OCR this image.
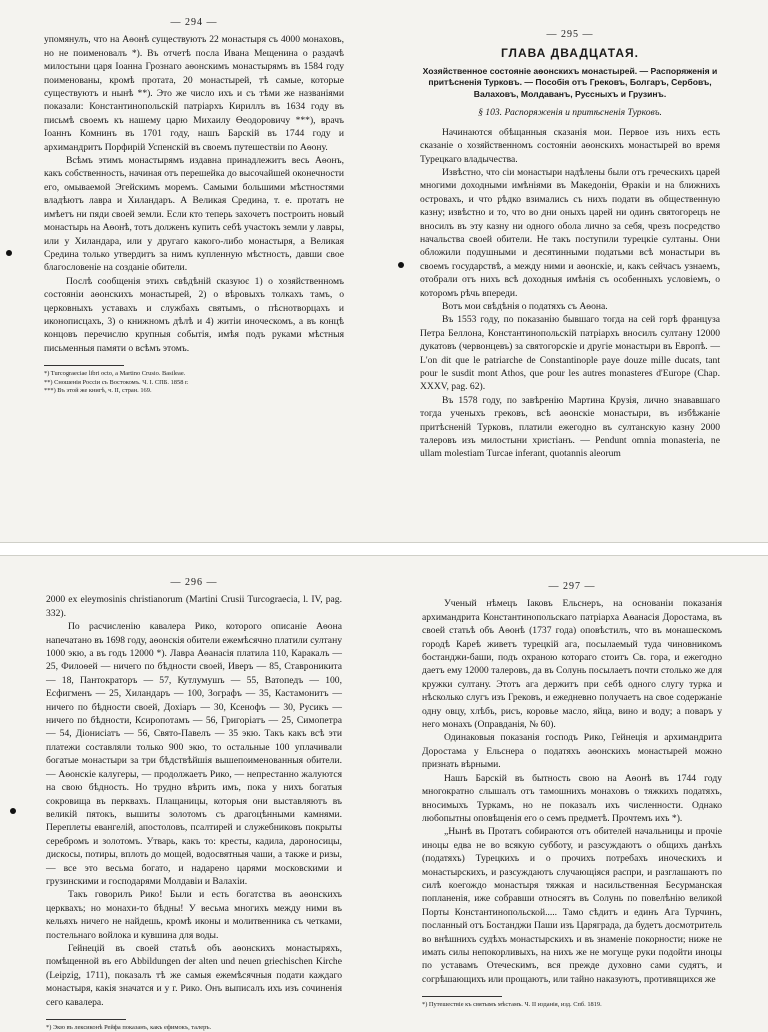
— 294 —

упомянулъ, что на Аѳонѣ существуютъ 22 монастыря съ 4000 монаховъ, но не поименовалъ *). Въ отчетѣ посла Ивана Мещенина о раздачѣ милостыни царя Іоанна Грознаго аѳонскимъ монастырямъ въ 1584 году поименованы, кромѣ протата, 20 монастырей, тѣ самые, которые существуютъ и нынѣ **). Это же число ихъ и съ тѣми же названіями показали: Константинопольскій патріархъ Кириллъ въ 1634 году въ письмѣ своемъ къ нашему царю Михаилу Ѳеодоровичу ***), врачъ Іоаннъ Комнинъ въ 1701 году, нашъ Барскій въ 1744 году и архимандритъ Порфирій Успенскій въ своемъ путешествіи по Аѳону.

Всѣмъ этимъ монастырямъ издавна принадлежитъ весь Аѳонъ, какъ собственность, начиная отъ перешейка до высочайшей оконечности его, омываемой Эгейскимъ моремъ. Самыми большими мѣстностями владѣютъ лавра и Хиландаръ. А Великая Средина, т. е. протатъ не имѣетъ ни пяди своей земли. Если кто теперь захочетъ построить новый монастырь на Аѳонѣ, тотъ долженъ купить себѣ участокъ земли у лавры, или у Хиландара, или у другаго какого-либо монастыря, а Великая Средина только утвердитъ за нимъ купленную мѣстность, давши свое благословеніе на созданіе обители.

Послѣ сообщенія этихъ свѣдѣній сказуює 1) о хозяйственномъ состояніи аѳонскихъ монастырей, 2) о вѣровыхъ толкахъ тамъ, о церковныхъ уставахъ и службахъ святымъ, о пѣснотворцахъ и иконописцахъ, 3) о книжномъ дѣлѣ и 4) житіи иноческомъ, а въ концѣ концовъ перечислю крупныя событія, имѣя подъ руками мѣстныя письменныя памяти о всѣмъ этомъ.

*) Turcograeciae libri octo, a Martino Crusio. Basileae.

**) Сношенія Россіи съ Востокомъ. Ч. I. СПБ. 1858 г.

***) Въ этой же книгѣ, ч. II, стран. 169.

— 295 —
ГЛАВА ДВАДЦАТАЯ.
Хозяйственное состояніе аѳонскихъ монастырей. — Распоряженія и притѣсненія Турковъ. — Пособія отъ Грековъ, Болгаръ, Сербовъ, Валаховъ, Молдаванъ, Руссныхъ и Грузинъ.
§ 103. Распоряженія и притѣсненія Турковъ.

Начинаются обѣщанныя сказанія мои. Первое изъ нихъ есть сказаніе о хозяйственномъ состояніи аѳонскихъ монастырей во время Турецкаго владычества.

Извѣстно, что сіи монастыри надѣлены были отъ греческихъ царей многими доходными имѣніями въ Македоніи, Ѳракіи и на ближнихъ островахъ, и что рѣдко взимались съ нихъ подати въ общественную казну; извѣстно и то, что во дни оныхъ царей ни одинъ святогорецъ не вносилъ въ эту казну ни одного обола лично за себя, чрезъ посредство начальства своей обители. Не такъ поступили турецкіе султаны. Они обложили подушными и десятинными податьми всѣ монастыри въ своемъ государствѣ, а между ними и аѳонскіе, и, какъ сейчасъ узнаемъ, отобрали отъ нихъ всѣ доходныя имѣнія съ особенныхъ условіемъ, о которомъ рѣчь впереди.

Вотъ мои свѣдѣнія о податяхъ съ Аѳона.

Въ 1553 году, по показанію бывшаго тогда на сей горѣ француза Петра Беллона, Константинопольскій патріархъ вносилъ султану 12000 дукатовъ (червонцевъ) за святогорскіе и другіе монастыри въ Европѣ. — L'on dit que le patriarche de Constantinople paye douze mille ducats, tant pour le susdit mont Athos, que pour les autres monasteres d'Europe (Chap. XXXV, pag. 62).

Въ 1578 году, по завѣренію Мартина Крузія, лично знававшаго тогда ученыхъ грековъ, всѣ аѳонскіе монастыри, въ избѣжаніе притѣсненій Турковъ, платили ежегодно въ султанскую казну 2000 талеровъ изъ милостыни христіанъ. — Pendunt omnia monasteria, ne ullam molestiam Turcae inferant, quotannis aleorum

— 296 —

2000 ex eleymosinis christianorum (Martini Crusii Turcograecia, l. IV, pag. 332).

По расчисленію кавалера Рико, которого описаніе Аѳона напечатано въ 1698 году, аѳонскія обители ежемѣсячно платили султану 1000 экю, а въ годъ 12000 *). Лавра Аѳанасія платила 110, Каракалъ — 25, Филоѳей — ничего по бѣдности своей, Иверъ — 85, Ставроникита — 18, Пантократоръ — 57, Кутлумушъ — 55, Ватопедъ — 100, Есфигменъ — 25, Хиландаръ — 100, Зографъ — 35, Кастамонитъ — ничего по бѣдности своей, Дохіаръ — 30, Ксенофъ — 30, Русикъ — ничего по бѣдности, Ксиропотамъ — 56, Григоріатъ — 25, Симопетра — 54, Діонисіатъ — 56, Свято-Павелъ — 35 экю. Такъ какъ всѣ эти платежи составляли только 900 экю, то остальные 100 уплачивали богатые монастыри за три бѣдствѣйшія вышепоименованныя обители. — Аѳонскіе калугеры, — продолжаетъ Рико, — непрестанно жалуются на свою бѣдность. Но трудно вѣрить имъ, пока у нихъ богатыя сокровища въ перквахъ. Плащаницы, которыя они выставляютъ въ великій пятокъ, вышиты золотомъ съ драгоцѣнными камнями. Переплеты евангелій, апостоловъ, псалтирей и служебниковъ покрыты серебромъ и золотомъ. Утварь, какъ то: кресты, кадила, дароносицы, дискосы, потиры, вплоть до мощей, водосвятныя чаши, а также и ризы, — все это весьма богато, и надарено царями московскими и грузинскими и господарями Молдавіи и Валахіи.

Такъ говорилъ Рико! Были и есть богатства въ аѳонскихъ церквахъ; но монахи-то бѣдны! У весьма многихъ между ними въ кельяхъ ничего не найдешь, кромѣ иконы и молитвенника съ четками, постельнаго войлока и кувшина для воды.

Гейнецій въ своей статьѣ объ аѳонскихъ монастыряхъ, помѣщенной въ его Abbildungen der alten und neuen griechischen Kirche (Leipzig, 1711), показалъ тѣ же самыя ежемѣсячныя подати каждаго монастыря, какія значатся и у г. Рико. Онъ выписалъ ихъ изъ сочиненія сего кавалера.

*) Экю въ лексиконѣ Рейфа показанъ, какъ ефимокъ, талеръ.

— 297 —

Ученый нѣмецъ Іаковъ Ельснеръ, на основаніи показанія архимандрита Константинопольскаго патріарха Аѳанасія Доростама, въ своей статьѣ объ Аѳонѣ (1737 года) оповѣстилъ, что въ монашескомъ городѣ Кареѣ живетъ турецкій ага, посылаемый туда чиновникомъ бостанджи-баши, подъ охраною котораго стоитъ Св. гора, и ежегодно даетъ ему 12000 талеровъ, да въ Солунь посылаетъ почти столько же для кружки султану. Этотъ ага держитъ при себѣ одного слугу турка и нѣсколько слугъ изъ Грековъ, и ежедневно получаетъ на свое содержаніе одну овцу, хлѣбъ, рисъ, коровье масло, яйца, вино и воду; а поваръ у него монахъ (Оправданія, № 60).

Одинаковыя показанія господъ Рико, Гейнеція и архимандрита Доростама у Ельснера о податяхъ аѳонскихъ монастырей можно признать вѣрными.

Нашъ Барскій въ бытность свою на Аѳонѣ въ 1744 году многократно слышалъ отъ тамошнихъ монаховъ о тяжкихъ податяхъ, вносимыхъ Туркамъ, но не показалъ ихъ численности. Однако любопытны оповѣщенія его о семъ предметѣ. Прочтемъ ихъ *).

„Нынѣ въ Протатъ собираются отъ обителей начальницы и прочіе иноцы едва не во всякую субботу, и разсуждаютъ о общихъ данѣхъ (податяхъ) Турецкихъ и о прочихъ потребахъ иноческихъ и монастырскихъ, и разсуждаютъ случающіяся распри, и разглашаютъ по силѣ коегождо монастыря тяжкая и насильственная Бесурманская попланенія, иже собравши относятъ въ Солунь по повелѣнію великой Порты Константинопольской..... Тамо сѣдитъ и единъ Ага Турчинъ, посланный отъ Бостанджи Паши изъ Царяграда, да будетъ досмотритель во внѣшнихъ судѣхъ монастырскихъ и въ знаменіе покорности; ниже не имать силы непокорливыхъ, на нихъ же не могуще руки подойти иноцы по уставамъ Отеческимъ, вся прежде духовно сами судятъ, и согрѣшающихъ или прощаютъ, или тайно наказуютъ, противящихся же

*) Путешествіе къ святымъ мѣстамъ. Ч. II изданія, изд. Спб. 1819.
